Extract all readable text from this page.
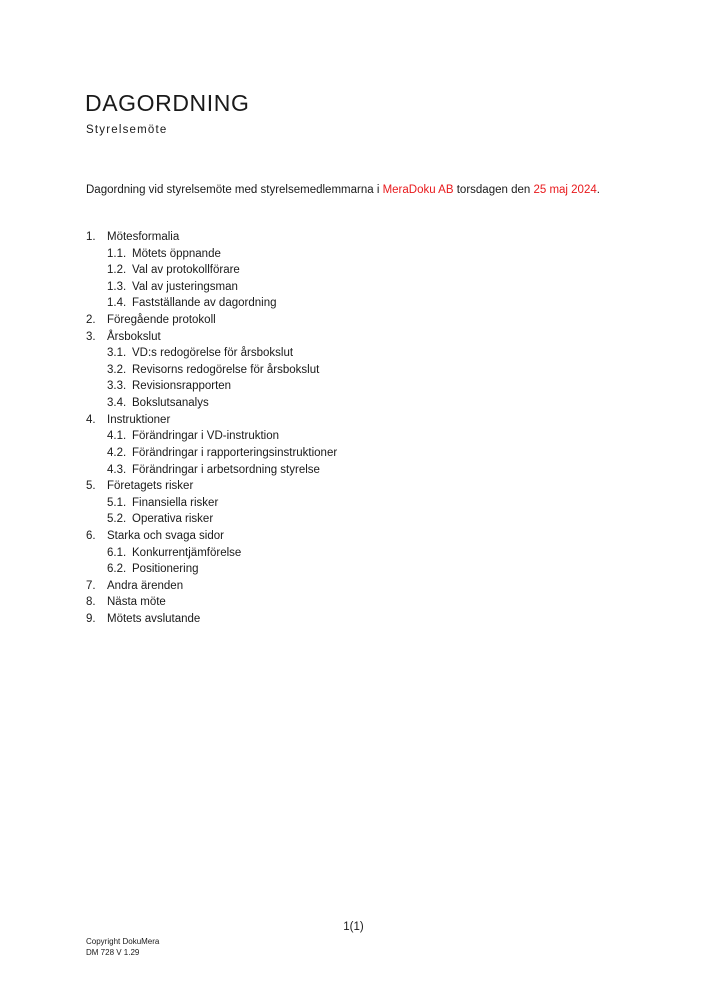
DAGORDNING

Styrelsemöte

Dagordning vid styrelsemöte med styrelsemedlemmarna i MeraDoku AB torsdagen den 25 maj 2024.

1. Mötesformalia
1.1. Mötets öppnande
1.2. Val av protokollförare
1.3. Val av justeringsman
1.4. Fastställande av dagordning
2. Föregående protokoll
3. Årsbokslut
3.1. VD:s redogörelse för årsbokslut
3.2. Revisorns redogörelse för årsbokslut
3.3. Revisionsrapporten
3.4. Bokslutsanalys
4. Instruktioner
4.1. Förändringar i VD-instruktion
4.2. Förändringar i rapporteringsinstruktioner
4.3. Förändringar i arbetsordning styrelse
5. Företagets risker
5.1. Finansiella risker
5.2. Operativa risker
6. Starka och svaga sidor
6.1. Konkurrentjämförelse
6.2. Positionering
7. Andra ärenden
8. Nästa möte
9. Mötets avslutande
1(1)
Copyright DokuMera
DM 728 V 1.29
